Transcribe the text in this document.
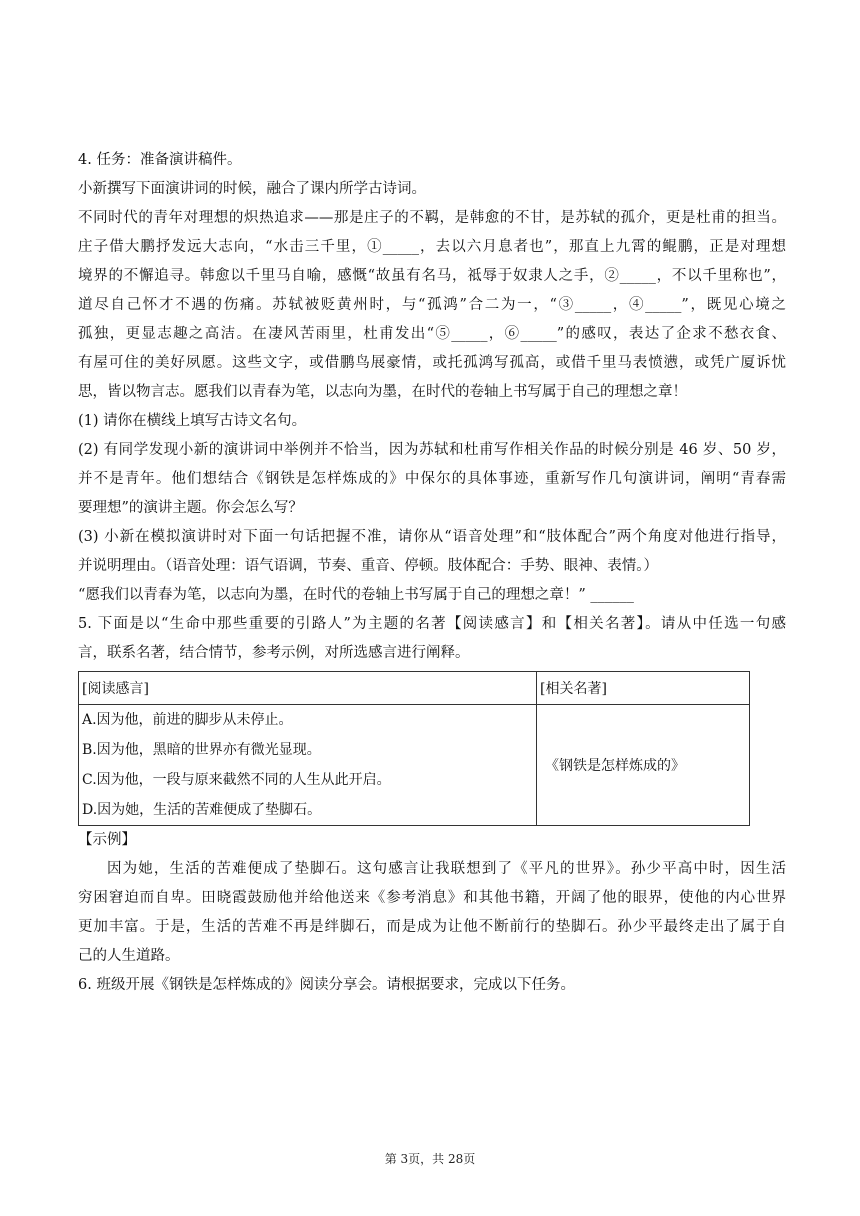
4. 任务：准备演讲稿件。
小新撰写下面演讲词的时候，融合了课内所学古诗词。
不同时代的青年对理想的炽热追求——那是庄子的不羁，是韩愈的不甘，是苏轼的孤介，更是杜甫的担当。
庄子借大鹏抒发远大志向，“水击三千里，①_____，去以六月息者也”，那直上九霄的鲲鹏，正是对理想
境界的不懈追寻。韩愈以千里马自喻，感慨“故虽有名马，祗辱于奴隶人之手，②_____，不以千里称也”，
道尽自己怀才不遇的伤痛。苏轼被贬黄州时，与“孤鸿”合二为一，“③_____，④_____”，既见心境之
孤独，更显志趣之高洁。在凄风苦雨里，杜甫发出“⑤_____，⑥_____”的感叹，表达了企求不愁衣食、
有屋可住的美好夙愿。这些文字，或借鹏鸟展豪情，或托孤鸿写孤高，或借千里马表愤懑，或凭广厦诉忧
思，皆以物言志。愿我们以青春为笔，以志向为墨，在时代的卷轴上书写属于自己的理想之章！
(1) 请你在横线上填写古诗文名句。
(2) 有同学发现小新的演讲词中举例并不恰当，因为苏轼和杜甫写作相关作品的时候分别是 46 岁、50 岁，
并不是青年。他们想结合《钢铁是怎样炼成的》中保尔的具体事迹，重新写作几句演讲词，阐明“青春需
要理想”的演讲主题。你会怎么写？
(3) 小新在模拟演讲时对下面一句话把握不准，请你从“语音处理”和“肢体配合”两个角度对他进行指导，
并说明理由。（语音处理：语气语调，节奏、重音、停顿。肢体配合：手势、眼神、表情。）
“愿我们以青春为笔，以志向为墨，在时代的卷轴上书写属于自己的理想之章！” ______
5. 下面是以“生命中那些重要的引路人”为主题的名著【阅读感言】和【相关名著】。请从中任选一句感
言，联系名著，结合情节，参考示例，对所选感言进行阐释。
[阅读感言]	[相关名著]

A.因为他，前进的脚步从未停止。
B.因为他，黑暗的世界亦有微光显现。
C.因为他，一段与原来截然不同的人生从此开启。
D.因为她，生活的苦难便成了垫脚石。	《钢铁是怎样炼成的》
【示例】
因为她，生活的苦难便成了垫脚石。这句感言让我联想到了《平凡的世界》。孙少平高中时，因生活
穷困窘迫而自卑。田晓霞鼓励他并给他送来《参考消息》和其他书籍，开阔了他的眼界，使他的内心世界
更加丰富。于是，生活的苦难不再是绊脚石，而是成为让他不断前行的垫脚石。孙少平最终走出了属于自
己的人生道路。
6. 班级开展《钢铁是怎样炼成的》阅读分享会。请根据要求，完成以下任务。
第 3页，共 28页
